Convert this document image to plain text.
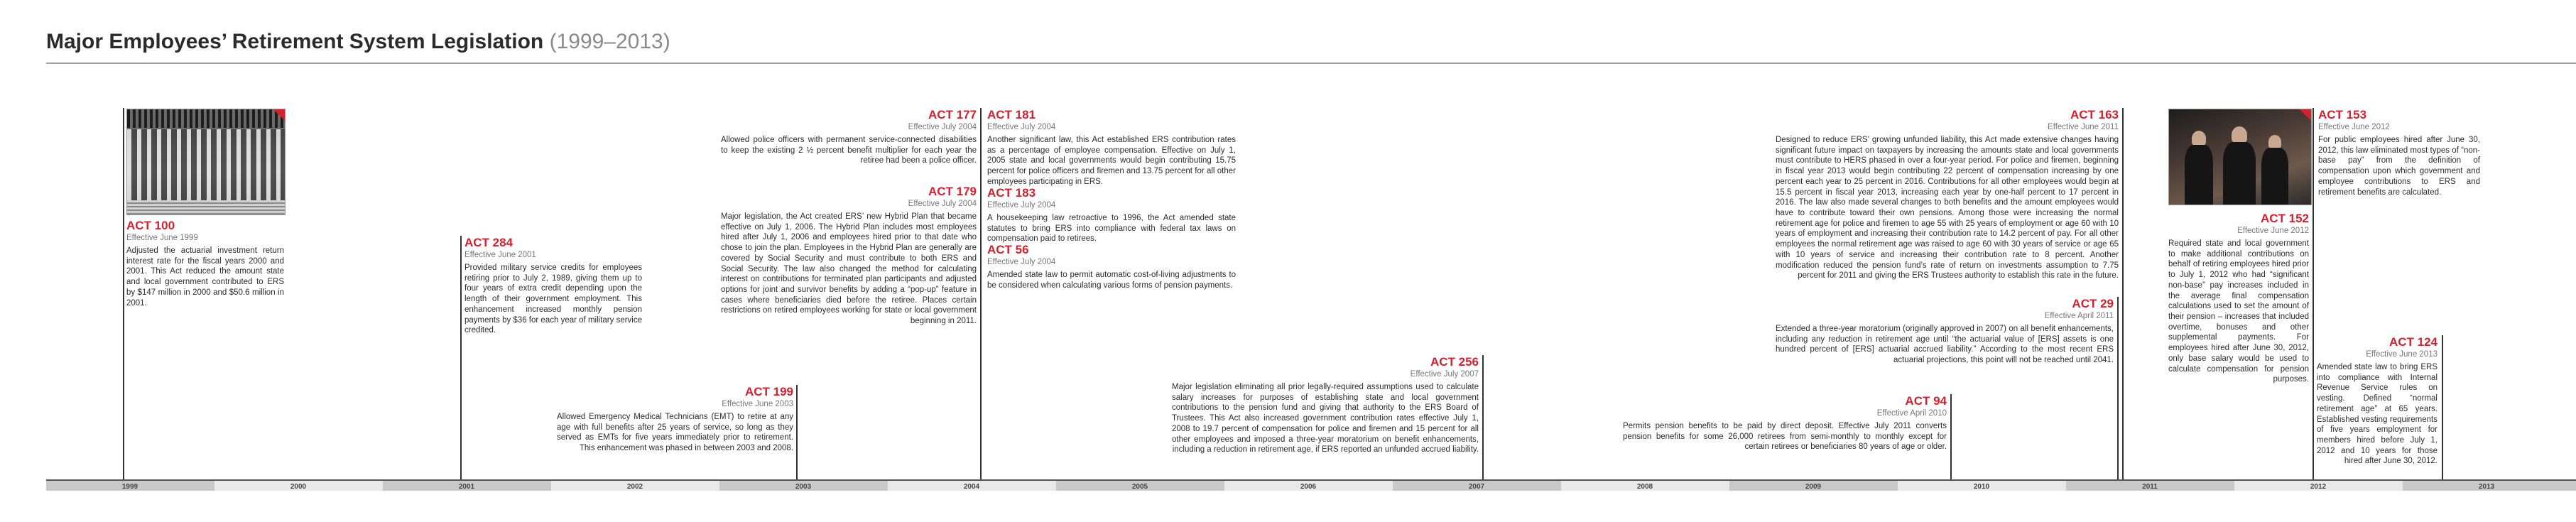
Major Employees’ Retirement System Legislation (1999–2013)
ACT 100
Effective June 1999
Adjusted the actuarial investment return interest rate for the fiscal years 2000 and 2001. This Act reduced the amount state and local government contributed to ERS by $147 million in 2000 and $50.6 million in 2001.
ACT 284
Effective June 2001
Provided military service credits for employees retiring prior to July 2, 1989, giving them up to four years of extra credit depending upon the length of their government employment. This enhancement increased monthly pension payments by $36 for each year of military service credited.
ACT 199
Effective June 2003
Allowed Emergency Medical Technicians (EMT) to retire at any age with full benefits after 25 years of service, so long as they served as EMTs for five years immediately prior to retirement. This enhancement was phased in between 2003 and 2008.
ACT 177
Effective July 2004
Allowed police officers with permanent service-connected disabilities to keep the existing 2 ½ percent benefit multiplier for each year the retiree had been a police officer.
ACT 179
Effective July 2004
Major legislation, the Act created ERS’ new Hybrid Plan that became effective on July 1, 2006. The Hybrid Plan includes most employees hired after July 1, 2006 and employees hired prior to that date who chose to join the plan. Employees in the Hybrid Plan are generally are covered by Social Security and must contribute to both ERS and Social Security. The law also changed the method for calculating interest on contributions for terminated plan participants and adjusted options for joint and survivor benefits by adding a “pop-up” feature in cases where beneficiaries died before the retiree. Places certain restrictions on retired employees working for state or local government beginning in 2011.
ACT 181
Effective July 2004
Another significant law, this Act established ERS contribution rates as a percentage of employee compensation. Effective on July 1, 2005 state and local governments would begin contributing 15.75 percent for police officers and firemen and 13.75 percent for all other employees participating in ERS.
ACT 183
Effective July 2004
A housekeeping law retroactive to 1996, the Act amended state statutes to bring ERS into compliance with federal tax laws on compensation paid to retirees.
ACT 56
Effective July 2004
Amended state law to permit automatic cost-of-living adjustments to be considered when calculating various forms of pension payments.
ACT 256
Effective July 2007
Major legislation eliminating all prior legally-required assumptions used to calculate salary increases for purposes of establishing state and local government contributions to the pension fund and giving that authority to the ERS Board of Trustees. This Act also increased government contribution rates effective July 1, 2008 to 19.7 percent of compensation for police and firemen and 15 percent for all other employees and imposed a three-year moratorium on benefit enhancements, including a reduction in retirement age, if ERS reported an unfunded accrued liability.
ACT 163
Effective June 2011
Designed to reduce ERS’ growing unfunded liability, this Act made extensive changes having significant future impact on taxpayers by increasing the amounts state and local governments must contribute to HERS phased in over a four-year period. For police and firemen, beginning in fiscal year 2013 would begin contributing 22 percent of compensation increasing by one percent each year to 25 percent in 2016. Contributions for all other employees would begin at 15.5 percent in fiscal year 2013, increasing each year by one-half percent to 17 percent in 2016. The law also made several changes to both benefits and the amount employees would have to contribute toward their own pensions. Among those were increasing the normal retirement age for police and firemen to age 55 with 25 years of employment or age 60 with 10 years of employment and increasing their contribution rate to 14.2 percent of pay. For all other employees the normal retirement age was raised to age 60 with 30 years of service or age 65 with 10 years of service and increasing their contribution rate to 8 percent. Another modification reduced the pension fund’s rate of return on investments assumption to 7.75 percent for 2011 and giving the ERS Trustees authority to establish this rate in the future.
ACT 29
Effective April 2011
Extended a three-year moratorium (originally approved in 2007) on all benefit enhancements, including any reduction in retirement age until “the actuarial value of [ERS] assets is one hundred percent of [ERS] actuarial accrued liability.” According to the most recent ERS actuarial projections, this point will not be reached until 2041.
ACT 94
Effective April 2010
Permits pension benefits to be paid by direct deposit. Effective July 2011 converts pension benefits for some 26,000 retirees from semi-monthly to monthly except for certain retirees or beneficiaries 80 years of age or older.
ACT 153
Effective June 2012
For public employees hired after June 30, 2012, this law eliminated most types of “non-base pay” from the definition of compensation upon which government and employee contributions to ERS and retirement benefits are calculated.
ACT 152
Effective June 2012
Required state and local government to make additional contributions on behalf of retiring employees hired prior to July 1, 2012 who had “significant non-base” pay increases included in the average final compensation calculations used to set the amount of their pension – increases that included overtime, bonuses and other supplemental payments. For employees hired after June 30, 2012, only base salary would be used to calculate compensation for pension purposes.
ACT 124
Effective June 2013
Amended state law to bring ERS into compliance with Internal Revenue Service rules on vesting. Defined “normal retirement age” at 65 years. Established vesting requirements of five years employment for members hired before July 1, 2012 and 10 years for those hired after June 30, 2012.
1999	2000	2001	2002	2003	2004	2005	2006	2007	2008	2009	2010	2011	2012	2013
